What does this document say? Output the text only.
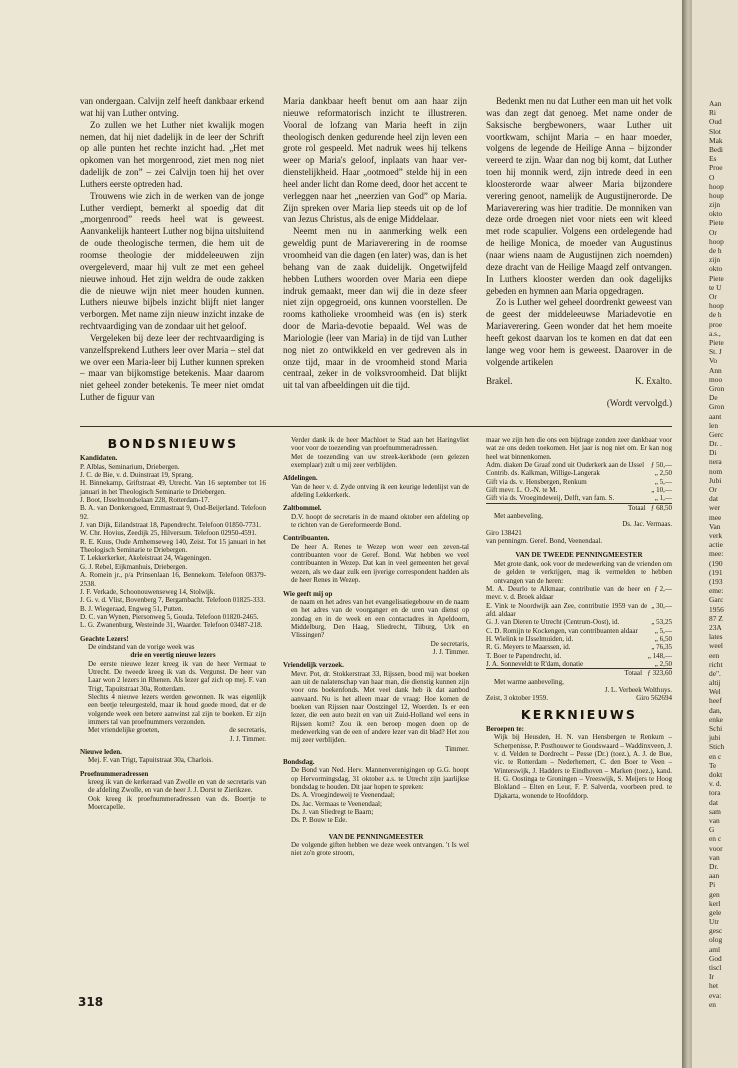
van ondergaan. Calvijn zelf heeft dankbaar erkend wat hij van Luther ontving.

Zo zullen we het Luther niet kwalijk mogen nemen, dat hij niet dadelijk in de leer der Schrift op alle punten het rechte inzicht had. „Het met opkomen van het morgenrood, ziet men nog niet dadelijk de zon” – zei Calvijn toen hij het over Luthers eerste optreden had.

Trouwens wie zich in de werken van de jonge Luther verdiept, bemerkt al spoedig dat dit „morgenrood” reeds heel wat is geweest. Aanvankelijk hanteert Luther nog bijna uitsluitend de oude theologische termen, die hem uit de roomse theologie der middeleeuwen zijn overgeleverd, maar hij vult ze met een geheel nieuwe inhoud. Het zijn weldra de oude zakken die de nieuwe wijn niet meer houden kunnen. Luthers nieuwe bijbels inzicht blijft niet langer verborgen. Met name zijn nieuw inzicht inzake de rechtvaardiging van de zondaar uit het geloof.

Vergeleken bij deze leer der rechtvaardiging is vanzelfsprekend Luthers leer over Maria – stel dat we over een Maria-leer bij Luther kunnen spreken – maar van bijkomstige betekenis. Maar daarom niet geheel zonder betekenis. Te meer niet omdat Luther de figuur van

Maria dankbaar heeft benut om aan haar zijn nieuwe reformatorisch inzicht te illustreren. Vooral de lofzang van Maria heeft in zijn theologisch denken gedurende heel zijn leven een grote rol gespeeld. Met nadruk wees hij telkens weer op Maria's geloof, inplaats van haar verdienstelijkheid. Haar „ootmoed” stelde hij in een heel ander licht dan Rome deed, door het accent te verleggen naar het „neerzien van God” op Maria. Zijn spreken over Maria liep steeds uit op de lof van Jezus Christus, als de enige Middelaar.

Neemt men nu in aanmerking welk een geweldig punt de Mariaverering in de roomse vroomheid van die dagen (en later) was, dan is het behang van de zaak duidelijk. Ongetwijfeld hebben Luthers woorden over Maria een diepe indruk gemaakt, meer dan wij die in deze sfeer niet zijn opgegroeid, ons kunnen voorstellen. De rooms katholieke vroomheid was (en is) sterk door de Maria-devotie bepaald. Wel was de Mariologie (leer van Maria) in de tijd van Luther nog niet zo ontwikkeld en ver gedreven als in onze tijd, maar in de vroomheid stond Maria centraal, zeker in de volksvroomheid. Dat blijkt uit tal van afbeeldingen uit die tijd.

Bedenkt men nu dat Luther een man uit het volk was dan zegt dat genoeg. Met name onder de Saksische bergbewoners, waar Luther uit voortkwam, schijnt Maria – en haar moeder, volgens de legende de Heilige Anna – bijzonder vereerd te zijn. Waar dan nog bij komt, dat Luther toen hij monnik werd, zijn intrede deed in een kloosterorde waar alweer Maria bijzondere verering genoot, namelijk de Augustijnerorde. De Mariaverering was hier traditie. De monniken van deze orde droegen niet voor niets een wit kleed met rode scapulier. Volgens een ordelegende had de heilige Monica, de moeder van Augustinus (naar wiens naam de Augustijnen zich noemden) deze dracht van de Heilige Maagd zelf ontvangen. In Luthers klooster werden dan ook dagelijks gebeden en hymnen aan Maria opgedragen.

Zo is Luther wel geheel doordrenkt geweest van de geest der middeleeuwse Mariadevotie en Mariaverering. Geen wonder dat het hem moeite heeft gekost daarvan los te komen en dat dat een lange weg voor hem is geweest. Daarover in de volgende artikelen

Brakel.	K. Exalto.

(Wordt vervolgd.)

BONDSNIEUWS

Kandidaten.

P. Alblas, Seminarium, Driebergen.

J. C. de Bie, v. d. Duinstraat 19, Sprang.

H. Binnekamp, Griftstraat 49, Utrecht. Van 16 september tot 16 januari in het Theologisch Seminarie te Driebergen.

J. Boot, IJsselmondselaan 228, Rotterdam-17.

B. A. van Donkersgoed, Emmastraat 9, Oud-Beijerland. Telefoon 92.

J. van Dijk, Eilandstraat 18, Papendrecht. Telefoon 01850-7731.

W. Chr. Hovius, Zeedijk 25, Hilversum. Telefoon 02950-4591.

R. E. Kuus, Oude Arnhemseweg 140, Zeist. Tot 15 januari in het Theologisch Seminarie te Driebergen.

T. Lekkerkerker, Akeleistraat 24, Wageningen.

G. J. Rebel, Eijkmanhuis, Driebergen.

A. Romein jr., p/a Prinsenlaan 16, Bennekom. Telefoon 08379-2538.

J. F. Verkade, Schoonouwenseweg 14, Stolwijk.

J. G. v. d. Vlist, Bovenberg 7, Bergambacht. Telefoon 01825-333.

B. J. Wiegeraad, Engweg 51, Putten.

D. C. van Wynen, Piersonweg 5, Gouda. Telefoon 01820-2465.

L. G. Zwanenburg, Westeinde 31, Waarder. Telefoon 03487-218.

Geachte Lezers!

De eindstand van de vorige week was

drie en veertig nieuwe lezers

De eerste nieuwe lezer kreeg ik van de heer Vermaat te Utrecht. De tweede kreeg ik van ds. Vergunst. De heer van Laar won 2 lezers in Rhenen. Als lezer gaf zich op mej. F. van Trigt, Tapuitstraat 30a, Rotterdam.

Slechts 4 nieuwe lezers werden gewonnen. Ik was eigenlijk een beetje teleurgesteld, maar ik houd goede moed, dat er de volgende week een betere aanwinst zal zijn te boeken. Er zijn immers tal van proefnummers verzonden.

Met vriendelijke groeten,	de secretaris,

J. J. Timmer.

Nieuwe leden.

Mej. F. van Trigt, Tapuitstraat 30a, Charlois.

Proefnummeradressen

kreeg ik van de kerkeraad van Zwolle en van de secretaris van de afdeling Zwolle, en van de heer J. J. Dorst te Zierikzee.

Ook kreeg ik proefnummeradressen van ds. Boertje te Moercapelle.

Verder dank ik de heer Machloet te Stad aan het Haringvliet voor voor de toezending van proefnummeradressen.

Met de toezending van uw streek-kerkbode (een gelezen exemplaar) zult u mij zeer verblijden.

Afdelingen.

Van de heer v. d. Zyde ontving ik een keurige ledenlijst van de afdeling Lekkerkerk.

Zaltbommel.

D.V. hoopt de secretaris in de maand oktober een afdeling op te richten van de Gereformeerde Bond.

Contribuanten.

De heer A. Renes te Wezep won weer een zeven-tal contribuanten voor de Geref. Bond. Wat hebben we veel contribuanten in Wezep. Dat kan in veel gemeenten het geval wezen, als we daar zulk een ijverige correspondent hadden als de heer Renes in Wezep.

Wie geeft mij op

de naam en het adres van het evangelisatiegebouw en de naam en het adres van de voorganger en de uren van dienst op zondag en in de week en een contactadres in Apeldoorn, Middelburg, Den Haag, Sliedrecht, Tilburg, Urk en Vlissingen?

De secretaris,

J. J. Timmer.

Vriendelijk verzoek.

Mevr. Pot, dr. Stokkerstraat 33, Rijssen, bood mij wat boeken aan uit de nalatenschap van haar man, die dienstig kunnen zijn voor ons boekenfonds. Met veel dank heb ik dat aanbod aanvaard. Nu is het alleen maar de vraag: Hoe komen de boeken van Rijssen naar Oostzingel 12, Woerden. Is er een lezer, die een auto bezit en van uit Zuid-Holland wel eens in Rijssen komt? Zou ik een beroep mogen doen op de medewerking van de een of andere lezer van dit blad? Het zou mij zeer verblijden.

Timmer.

Bondsdag.

De Bond van Ned. Herv. Mannenverenigingen op G.G. hoopt op Hervormingsdag, 31 oktober a.s. te Utrecht zijn jaarlijkse bondsdag te houden. Dit jaar hopen te spreken:

Ds. A. Vroegindeweij te Veenendaal;

Ds. Jac. Vermaas te Veenendaal;

Ds. J. van Sliedregt te Baarn;

Ds. P. Bouw te Ede.

VAN DE PENNINGMEESTER

De volgende giften hebben we deze week ontvangen. 't Is wel niet zo'n grote stroom,

maar we zijn hen die ons een bijdrage zonden zeer dankbaar voor wat ze ons deden toekomen. Het jaar is nog niet om. Er kan nog heel wat binnenkomen.

Adm. diaken De Graaf zond uit Ouderkerk aan de IJssel ƒ 50,—

Contrib. ds. Kalkman, Willige-Langerak	„ 2,50

Gift via ds. v. Hensbergen, Renkum	„ 5,—

Gift mevr. L. O.-N. te M.	„ 10,—

Gift via ds. Vroegindeweij, Delft, van fam. S.	„ 1,—

Totaal ƒ 68,50

Met aanbeveling,

Ds. Jac. Vermaas.

Giro 138421

van penningm. Geref. Bond, Veenendaal.

VAN DE TWEEDE PENNINGMEESTER

Met grote dank, ook voor de medewerking van de vrienden om de gelden te verkrijgen, mag ik vermelden te hebben ontvangen van de heren:

M. A. Deurlo te Alkmaar, contributie van de heer en mevr. v. d. Broek aldaar
ƒ 2,—

E. Vink te Noordwijk aan Zee, contributie 1959 van de afd. aldaar
„ 30,—

G. J. van Dieren te Utrecht (Centrum-Oost), id.	„ 53,25

C. D. Romijn te Kockengen, van contribuanten aldaar	„ 5,—

H. Wielink te IJsselmuiden, id.	„ 6,50

R. G. Meyers te Maarssen, id.	„ 76,35

T. Boer te Papendrecht, id.	„ 148,—

J. A. Sonneveldt te R'dam, donatie	„ 2,50

Totaal ƒ 323,60

Met warme aanbeveling,

J. L. Verbeek Wolthuys.

Zeist, 3 oktober 1959.	Giro 562694

KERKNIEUWS

Beroepen te:

Wijk bij Heusden, H. N. van Hensbergen te Renkum – Scherpenisse, P. Posthouwer te Goudswaard – Waddinxveen, J. v. d. Velden te Dordrecht – Pesse (Dr.) (toez.), A. J. de Bue, vic. te Rotterdam – Nederhemert, C. den Boer te Veen – Winterswijk, J. Hadders te Eindhoven – Marken (toez.), kand. H. G. Oostinga te Groningen – Vreeswijk, S. Meijers te Hoog Blokland – Elten en Leur, F. P. Salverda, voorbeen pred. te Djakarta, wonende te Hoofddorp.

318
Aan
Ri
Oud
Slot
Mak
Bedi
Es
Proe
O
hoop
houp
zijn
okto
Piete
Or
hoop
de h
zijn
okto
Piete
te U
Or
hoop
de h
proe
a.s.,
Piete
St. J
Vo
Ann
moo
Gron
De
Gron
aant
len
Gerc
Dr. .
Di
nera
nom
Jubi
Or
dat
wer
mee
Van
verk
actie
mee:
(190
(191
(193
eme:
Garc
1956
87 Z
23A
lates
weel
een
richt
de".
altij
Wel
heef
dan,
enke
Schi
jubi
Stich
en c
Te
dokt
v. d.
tora
dat
sam
van
G
en c
voor
van
Dr.
aan
Pi
gen
kerl
gele
Utr
gesc
olog
aml
God
tiscl
Ir
het
eva:
en
